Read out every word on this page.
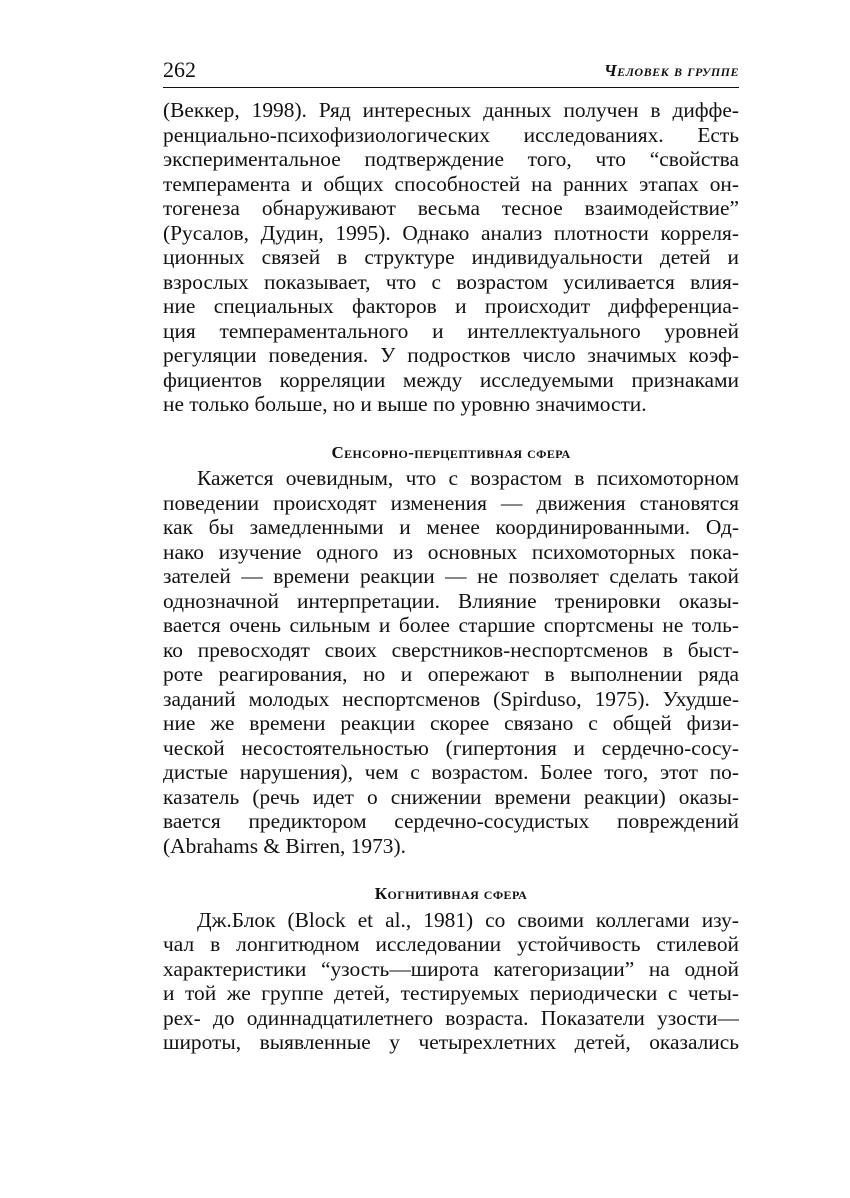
262	Человек в группе
(Веккер, 1998). Ряд интересных данных получен в диффе-
ренциально-психофизиологических исследованиях. Есть
экспериментальное подтверждение того, что “свойства
темперамента и общих способностей на ранних этапах он-
тогенеза обнаруживают весьма тесное взаимодействие”
(Русалов, Дудин, 1995). Однако анализ плотности корреля-
ционных связей в структуре индивидуальности детей и
взрослых показывает, что с возрастом усиливается влия-
ние специальных факторов и происходит дифференциа-
ция темпераментального и интеллектуального уровней
регуляции поведения. У подростков число значимых коэф-
фициентов корреляции между исследуемыми признаками
не только больше, но и выше по уровню значимости.
Сенсорно-перцептивная сфера
Кажется очевидным, что с возрастом в психомоторном
поведении происходят изменения — движения становятся
как бы замедленными и менее координированными. Од-
нако изучение одного из основных психомоторных пока-
зателей — времени реакции — не позволяет сделать такой
однозначной интерпретации. Влияние тренировки оказы-
вается очень сильным и более старшие спортсмены не толь-
ко превосходят своих сверстников-неспортсменов в быст-
роте реагирования, но и опережают в выполнении ряда
заданий молодых неспортсменов (Spirduso, 1975). Ухудше-
ние же времени реакции скорее связано с общей физи-
ческой несостоятельностью (гипертония и сердечно-сосу-
дистые нарушения), чем с возрастом. Более того, этот по-
казатель (речь идет о снижении времени реакции) оказы-
вается предиктором сердечно-сосудистых повреждений
(Abrahams & Birren, 1973).
Когнитивная сфера
Дж.Блок (Block et al., 1981) со своими коллегами изу-
чал в лонгитюдном исследовании устойчивость стилевой
характеристики “узость—широта категоризации” на одной
и той же группе детей, тестируемых периодически с четы-
рех- до одиннадцатилетнего возраста. Показатели узости—
широты, выявленные у четырехлетних детей, оказались
